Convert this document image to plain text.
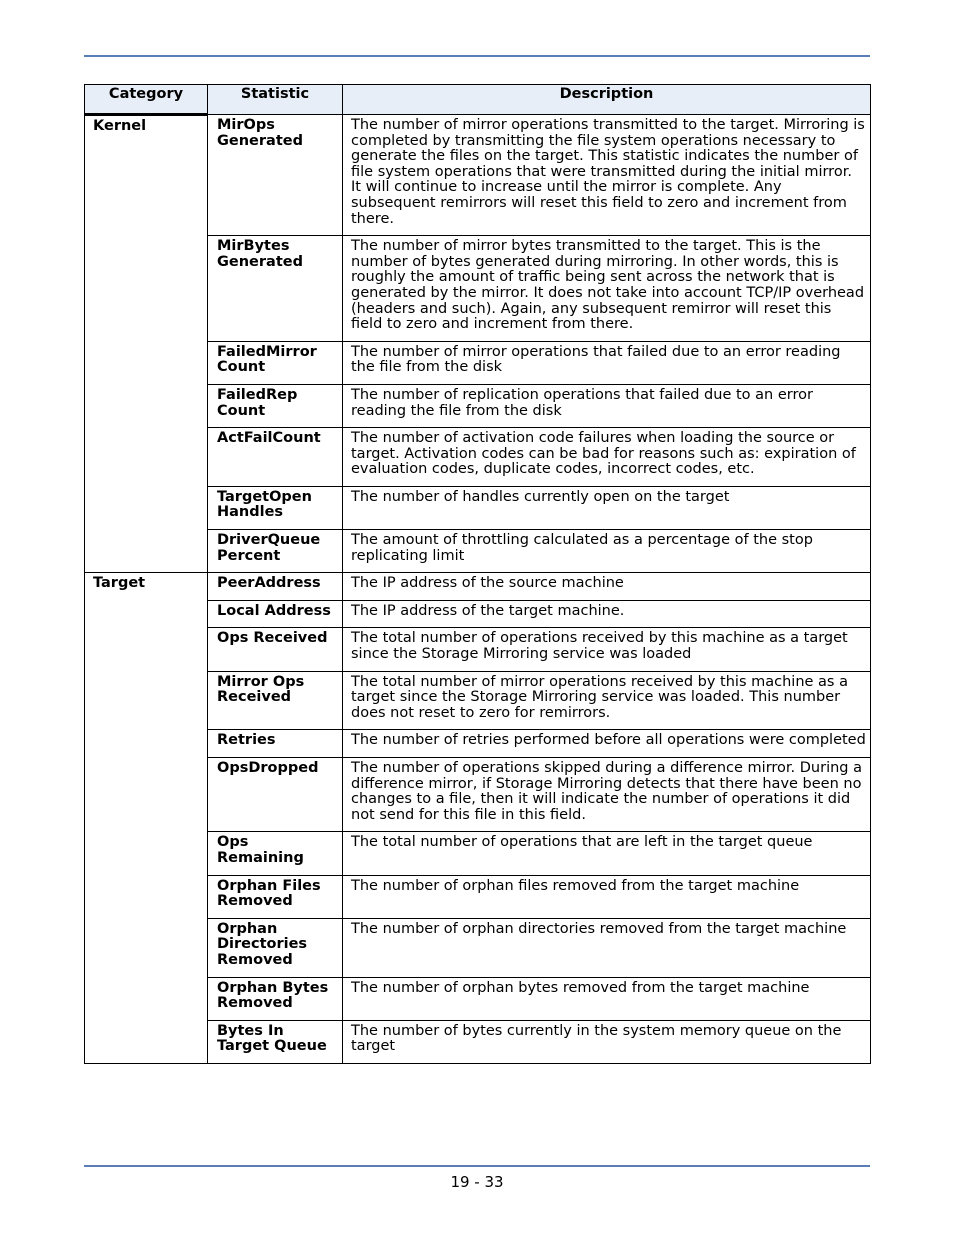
Category	Statistic	Description
Kernel	MirOps Generated	The number of mirror operations transmitted to the target. Mirroring is completed by transmitting the file system operations necessary to generate the files on the target. This statistic indicates the number of file system operations that were transmitted during the initial mirror. It will continue to increase until the mirror is complete. Any subsequent remirrors will reset this field to zero and increment from there.
	MirBytes Generated	The number of mirror bytes transmitted to the target. This is the number of bytes generated during mirroring. In other words, this is roughly the amount of traffic being sent across the network that is generated by the mirror. It does not take into account TCP/IP overhead (headers and such). Again, any subsequent remirror will reset this field to zero and increment from there.
	FailedMirror Count	The number of mirror operations that failed due to an error reading the file from the disk
	FailedRep Count	The number of replication operations that failed due to an error reading the file from the disk
	ActFailCount	The number of activation code failures when loading the source or target. Activation codes can be bad for reasons such as: expiration of evaluation codes, duplicate codes, incorrect codes, etc.
	TargetOpen Handles	The number of handles currently open on the target
	DriverQueue Percent	The amount of throttling calculated as a percentage of the stop replicating limit
Target	PeerAddress	The IP address of the source machine
	Local Address	The IP address of the target machine.
	Ops Received	The total number of operations received by this machine as a target since the Storage Mirroring service was loaded
	Mirror Ops Received	The total number of mirror operations received by this machine as a target since the Storage Mirroring service was loaded. This number does not reset to zero for remirrors.
	Retries	The number of retries performed before all operations were completed
	OpsDropped	The number of operations skipped during a difference mirror. During a difference mirror, if Storage Mirroring detects that there have been no changes to a file, then it will indicate the number of operations it did not send for this file in this field.
	Ops Remaining	The total number of operations that are left in the target queue
	Orphan Files Removed	The number of orphan files removed from the target machine
	Orphan Directories Removed	The number of orphan directories removed from the target machine
	Orphan Bytes Removed	The number of orphan bytes removed from the target machine
	Bytes In Target Queue	The number of bytes currently in the system memory queue on the target
19 - 33
